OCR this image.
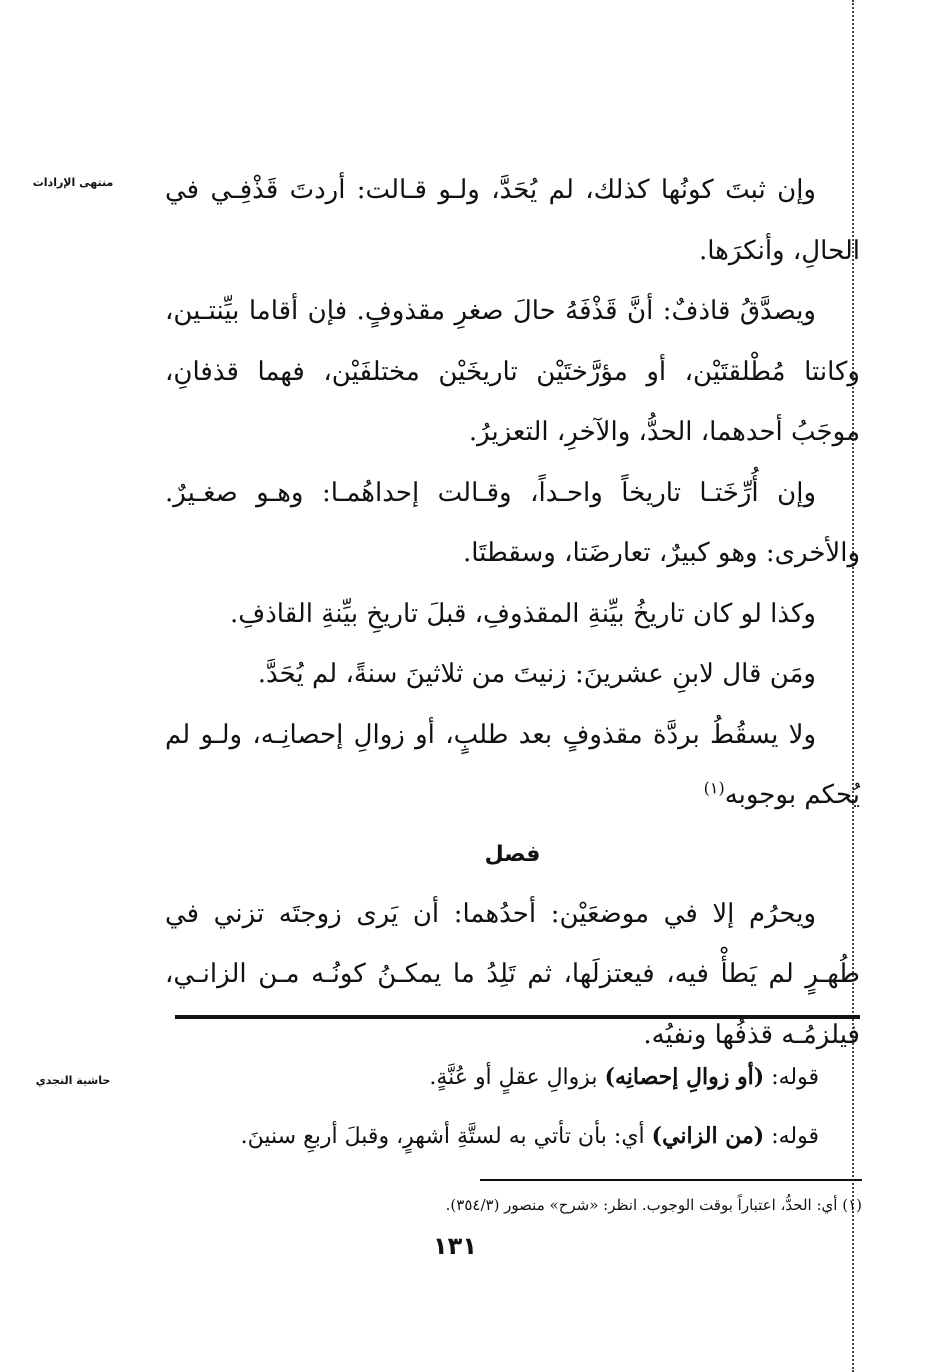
منتهى الإرادات
حاشية النجدي

وإن ثبتَ كونُها كذلك، لم يُحَدَّ، ولـو قـالت: أردتَ قَذْفِـي في الحالِ، وأنكرَها.

ويصدَّقُ قاذفٌ: أنَّ قَذْفَهُ حالَ صغرِ مقذوفٍ. فإن أقاما بيِّنتـين، وكانتا مُطْلقتَيْن، أو مؤرَّختَيْن تاريخَيْن مختلفَيْن، فهما قذفانِ، موجَبُ أحدهما، الحدُّ، والآخرِ، التعزيرُ.

وإن أُرِّخَتـا تاريخاً واحـداً، وقـالت إحداهُمـا: وهـو صغـيرٌ. والأخرى: وهو كبيرٌ، تعارضَتا، وسقطتَا.

وكذا لو كان تاريخُ بيِّنةِ المقذوفِ، قبلَ تاريخِ بيِّنةِ القاذفِ.

ومَن قال لابنِ عشرينَ: زنيتَ من ثلاثينَ سنةً، لم يُحَدَّ.

ولا يسقُطُ بردَّة مقذوفٍ بعد طلبٍ، أو زوالِ إحصانِـه، ولـو لم يُحكم بوجوبه$^{(١)}$

فصل

ويحرُم إلا في موضعَيْن: أحدُهما: أن يَرى زوجتَه تزني في طُهـرٍ لم يَطأْ فيه، فيعتزلَها، ثم تَلِدُ ما يمكـنُ كونُـه مـن الزانـي، فيلزمُـه قذفُها ونفيُه.

قوله: (أو زوالِ إحصانِه) بزوالِ عقلٍ أو عُنَّةٍ.

قوله: (من الزاني) أي: بأن تأتي به لستَّةِ أشهرٍ، وقبلَ أربعِ سنينَ.

(١) أي: الحدُّ، اعتباراً بوقت الوجوب. انظر: «شرح» منصور (٣٥٤/٣).

١٣١
